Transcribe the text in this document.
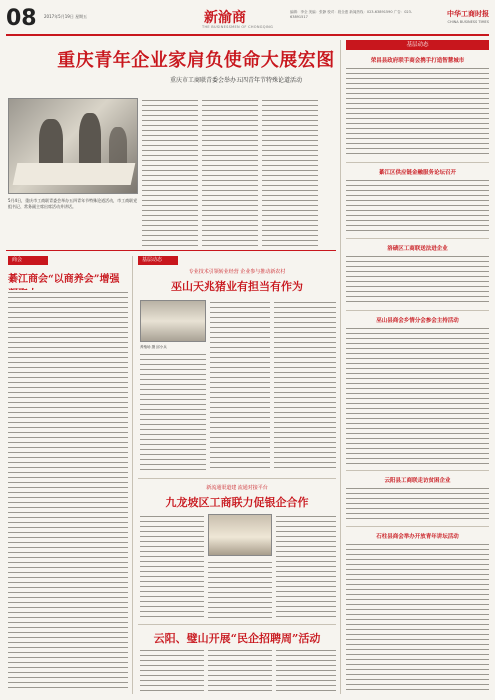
08 2017年5月19日 星期五	新渝商
THE BUSINESSMEN OF CHONGQING
编辑：李全 美编：张静 校对：段全惠 新闻热线：023-63891590 广告：023-63891517	中华工商时报
CHINA BUSINESS TIMES
重庆青年企业家肩负使命大展宏图
重庆市工商联青委会举办五四青年节特殊论道活动
5月4日，重庆市工商联青委会举办五四青年节特殊论道活动，市工商联党组书记、常务副主席出席活动并讲话。
商会
綦江商会“以商养会”增强
基层动态
专业技术引领转业经营 企业参与推动新农村
巫山天兆猪业有担当有作为
养殖场 摄 邱小兵
新流通渠道建 流通对接平台
九龙坡区工商联力促银企合作
云阳、璧山开展“民企招聘周”活动
基层动态
荣昌县政府联手商会携手打造智慧城市
綦江区供应链金融服务论坛召开
洛碛区工商联送法进企业
巫山县商会乡情分会参会主持活动
云阳县工商联走访贫困企业
石柱县商会举办开放青年讲坛活动
